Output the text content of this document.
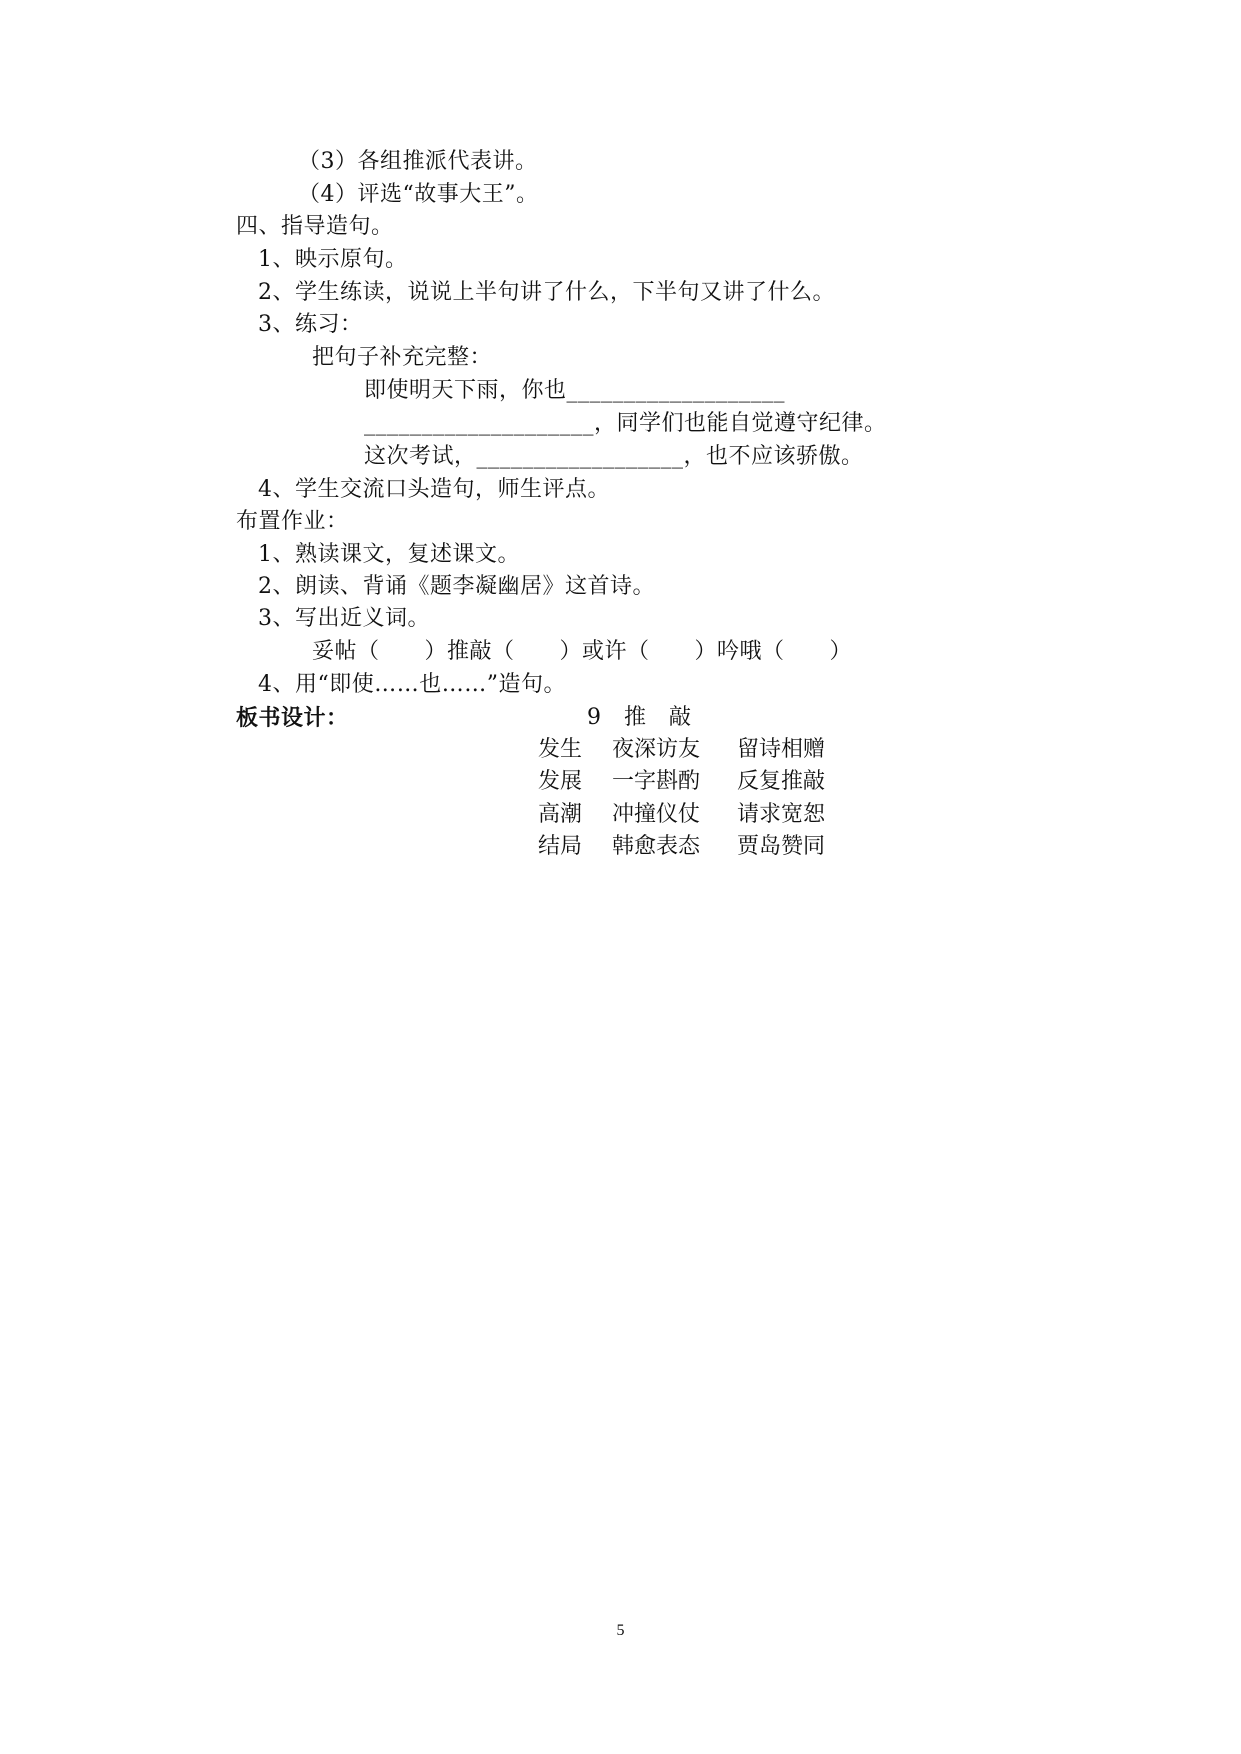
（3）各组推派代表讲。
（4）评选“故事大王”。
四、指导造句。
1、映示原句。
2、学生练读，说说上半句讲了什么，下半句又讲了什么。
3、练习：
把句子补充完整：
即使明天下雨，你也___________________
____________________，同学们也能自觉遵守纪律。
这次考试，__________________，也不应该骄傲。
4、学生交流口头造句，师生评点。
布置作业：
1、熟读课文，复述课文。
2、朗读、背诵《题李凝幽居》这首诗。
3、写出近义词。
妥帖（　　）推敲（　　）或许（　　）吟哦（　　）
4、用“即使……也……”造句。
板书设计：	9　推　敲
发生 夜深访友 留诗相赠
发展 一字斟酌 反复推敲
高潮 冲撞仪仗 请求宽恕
结局 韩愈表态 贾岛赞同
5
